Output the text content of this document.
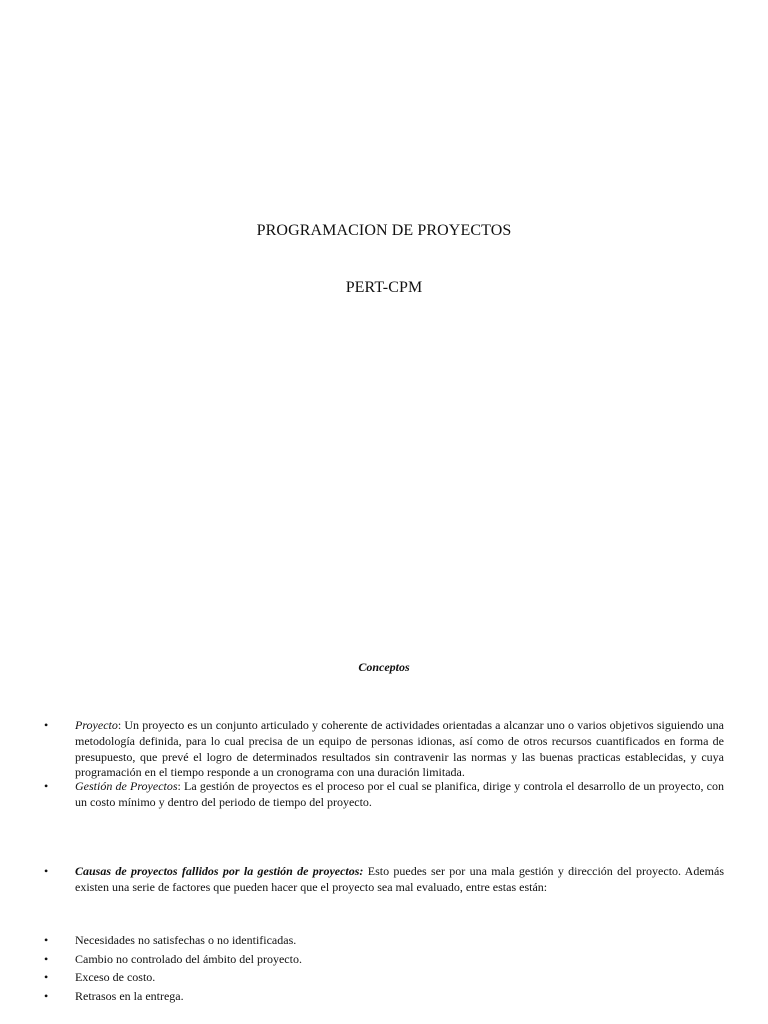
PROGRAMACION DE PROYECTOS
PERT-CPM
Conceptos
•	Proyecto: Un proyecto es un conjunto articulado y coherente de actividades orientadas a alcanzar uno o varios objetivos siguiendo una metodología definida, para lo cual precisa de un equipo de personas idionas, así como de otros recursos cuantificados en forma de presupuesto, que prevé el logro de determinados resultados sin contravenir las normas y las buenas practicas establecidas, y cuya programación en el tiempo responde a un cronograma con una duración limitada.
•	Gestión de Proyectos: La gestión de proyectos es el proceso por el cual se planifica, dirige y controla el desarrollo de un proyecto, con un costo mínimo y dentro del periodo de tiempo del proyecto.
•	Causas de proyectos fallidos por la gestión de proyectos: Esto puedes ser por una mala gestión y dirección del proyecto. Además existen una serie de factores que pueden hacer que el proyecto sea mal evaluado, entre estas están:
•	Necesidades no satisfechas o no identificadas.
•	Cambio no controlado del ámbito del proyecto.
•	Exceso de costo.
•	Retrasos en la entrega.
